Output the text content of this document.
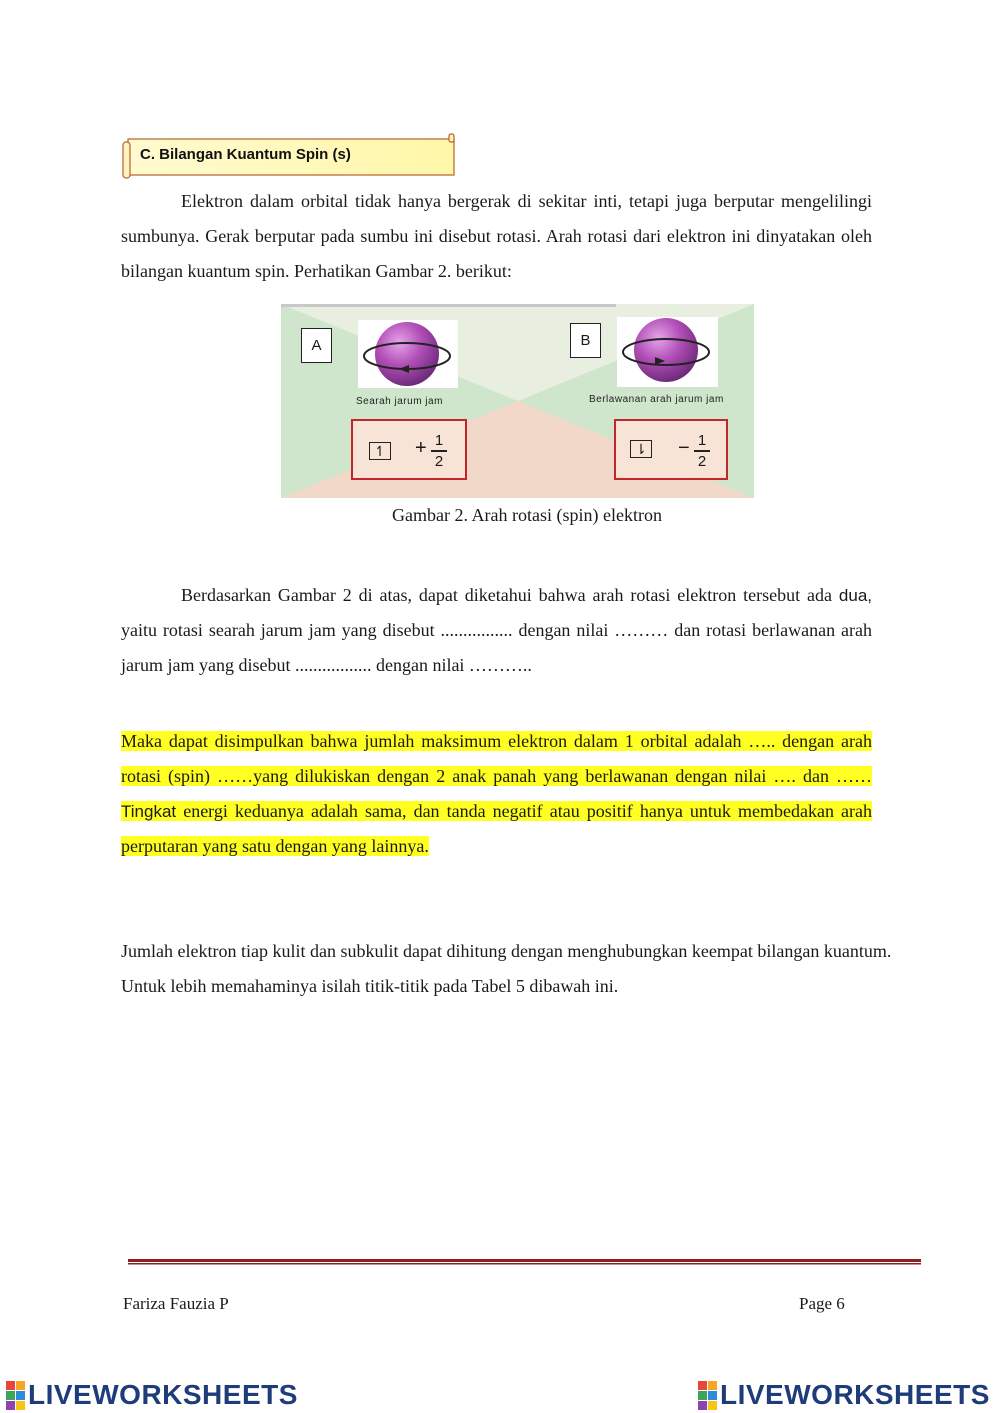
C. Bilangan Kuantum Spin (s)
Elektron dalam orbital tidak hanya bergerak di sekitar inti, tetapi juga berputar mengelilingi sumbunya. Gerak berputar pada sumbu ini disebut rotasi. Arah rotasi dari elektron ini dinyatakan oleh bilangan kuantum spin. Perhatikan Gambar 2. berikut:
A	B
Searah jarum jam	Berlawanan arah jarum jam
↿ + 1
2
⇂ − 1
2
Gambar 2. Arah rotasi (spin) elektron
Berdasarkan Gambar 2 di atas, dapat diketahui bahwa arah rotasi elektron tersebut ada dua, yaitu rotasi searah jarum jam yang disebut ................ dengan nilai ……… dan rotasi berlawanan arah jarum jam yang disebut ................. dengan nilai ………..
Maka dapat disimpulkan bahwa jumlah maksimum elektron dalam 1 orbital adalah ….. dengan arah rotasi (spin) ……yang dilukiskan dengan 2 anak panah yang berlawanan dengan nilai …. dan …… Tingkat energi keduanya adalah sama, dan tanda negatif atau positif hanya untuk membedakan arah perputaran yang satu dengan yang lainnya.
Jumlah elektron tiap kulit dan subkulit dapat dihitung dengan menghubungkan keempat bilangan kuantum. Untuk lebih memahaminya isilah titik-titik pada Tabel 5 dibawah ini.
Fariza Fauzia P	Page 6
LIVEWORKSHEETS	LIVEWORKSHEETS
